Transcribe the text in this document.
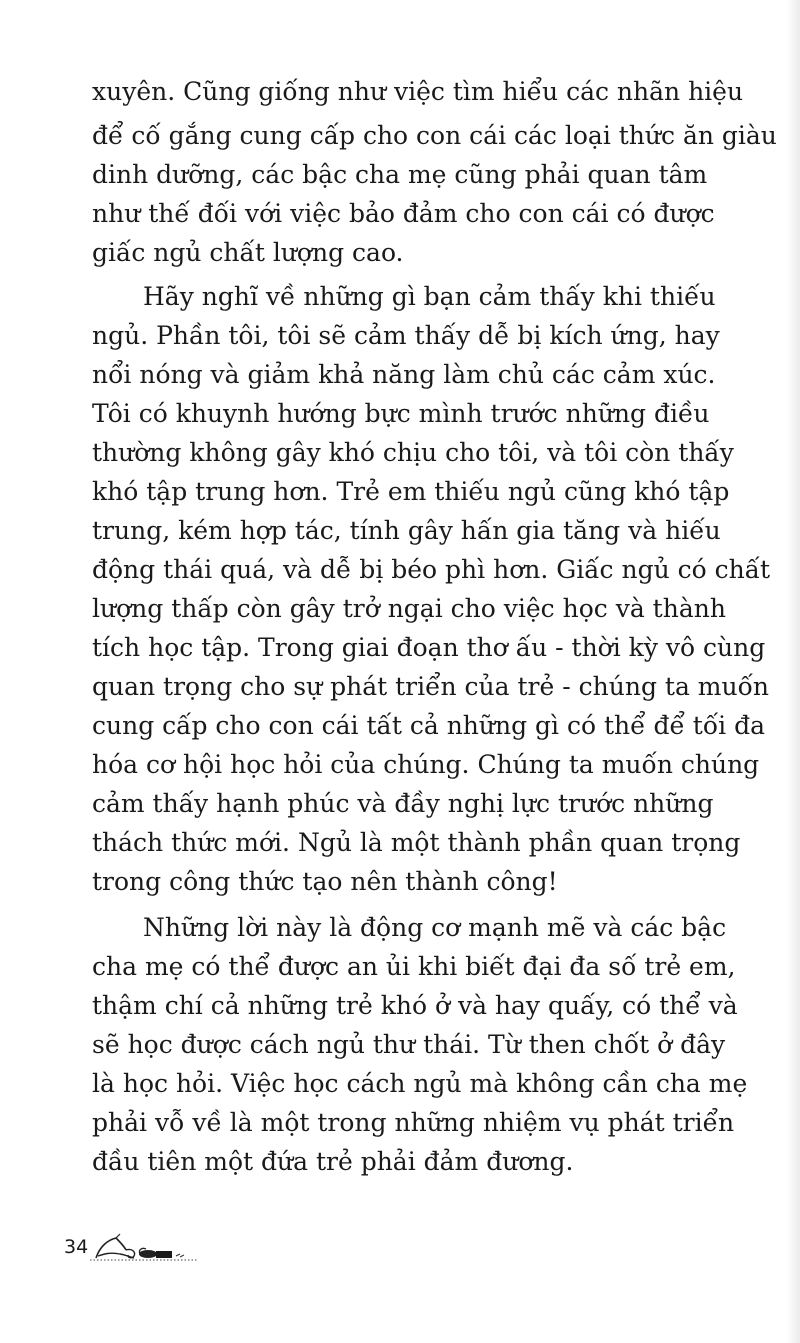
xuyên. Cũng giống như việc tìm hiểu các nhãn hiệu
để cố gắng cung cấp cho con cái các loại thức ăn giàu
dinh dưỡng, các bậc cha mẹ cũng phải quan tâm
như thế đối với việc bảo đảm cho con cái có được
giấc ngủ chất lượng cao.
Hãy nghĩ về những gì bạn cảm thấy khi thiếu
ngủ. Phần tôi, tôi sẽ cảm thấy dễ bị kích ứng, hay
nổi nóng và giảm khả năng làm chủ các cảm xúc.
Tôi có khuynh hướng bực mình trước những điều
thường không gây khó chịu cho tôi, và tôi còn thấy
khó tập trung hơn. Trẻ em thiếu ngủ cũng khó tập
trung, kém hợp tác, tính gây hấn gia tăng và hiếu
động thái quá, và dễ bị béo phì hơn. Giấc ngủ có chất
lượng thấp còn gây trở ngại cho việc học và thành
tích học tập. Trong giai đoạn thơ ấu - thời kỳ vô cùng
quan trọng cho sự phát triển của trẻ - chúng ta muốn
cung cấp cho con cái tất cả những gì có thể để tối đa
hóa cơ hội học hỏi của chúng. Chúng ta muốn chúng
cảm thấy hạnh phúc và đầy nghị lực trước những
thách thức mới. Ngủ là một thành phần quan trọng
trong công thức tạo nên thành công!
Những lời này là động cơ mạnh mẽ và các bậc
cha mẹ có thể được an ủi khi biết đại đa số trẻ em,
thậm chí cả những trẻ khó ở và hay quấy, có thể và
sẽ học được cách ngủ thư thái. Từ then chốt ở đây
là học hỏi. Việc học cách ngủ mà không cần cha mẹ
phải vỗ về là một trong những nhiệm vụ phát triển
đầu tiên một đứa trẻ phải đảm đương.
34
